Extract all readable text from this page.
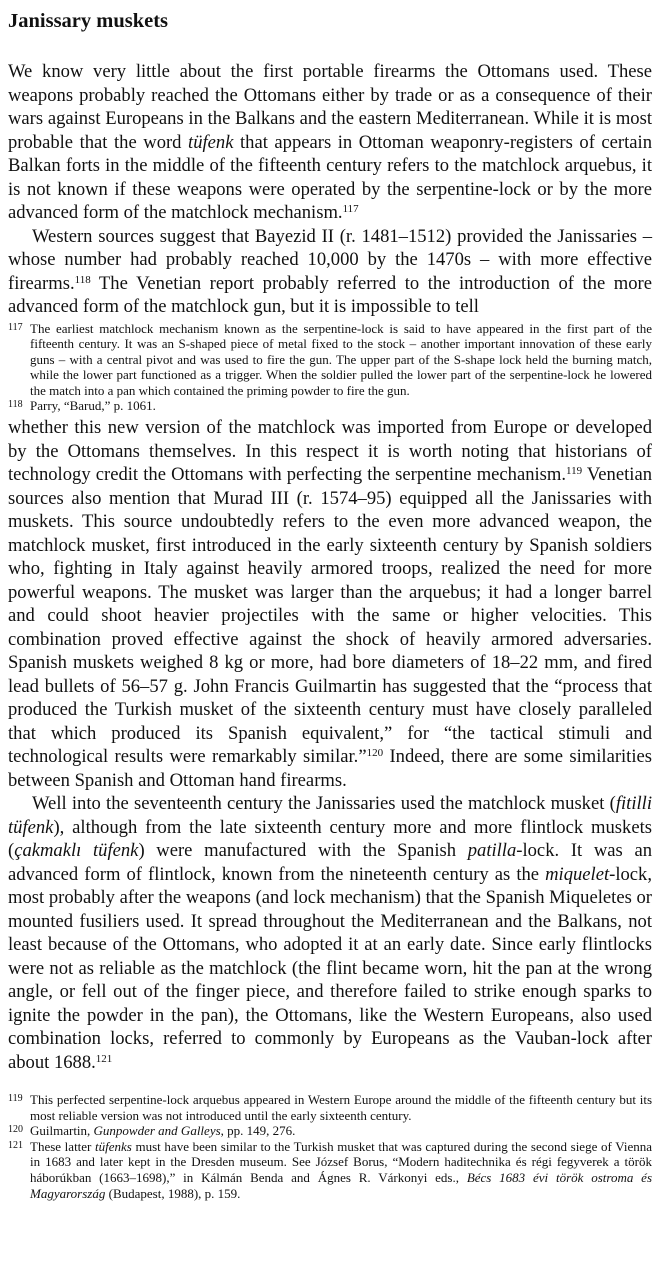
Janissary muskets

We know very little about the first portable firearms the Ottomans used. These weapons probably reached the Ottomans either by trade or as a consequence of their wars against Europeans in the Balkans and the eastern Mediterranean. While it is most probable that the word tüfenk that appears in Ottoman weaponry-registers of certain Balkan forts in the middle of the fifteenth century refers to the matchlock arquebus, it is not known if these weapons were operated by the serpentine-lock or by the more advanced form of the matchlock mechanism.$^{117}$

Western sources suggest that Bayezid II (r. 1481–1512) provided the Janissaries – whose number had probably reached 10,000 by the 1470s – with more effective firearms.$^{118}$ The Venetian report probably referred to the introduction of the more advanced form of the matchlock gun, but it is impossible to tell

117 The earliest matchlock mechanism known as the serpentine-lock is said to have appeared in the first part of the fifteenth century. It was an S-shaped piece of metal fixed to the stock – another important innovation of these early guns – with a central pivot and was used to fire the gun. The upper part of the S-shape lock held the burning match, while the lower part functioned as a trigger. When the soldier pulled the lower part of the serpentine-lock he lowered the match into a pan which contained the priming powder to fire the gun.
118 Parry, “Barud,” p. 1061.

whether this new version of the matchlock was imported from Europe or developed by the Ottomans themselves. In this respect it is worth noting that historians of technology credit the Ottomans with perfecting the serpentine mechanism.$^{119}$ Venetian sources also mention that Murad III (r. 1574–95) equipped all the Janissaries with muskets. This source undoubtedly refers to the even more advanced weapon, the matchlock musket, first introduced in the early sixteenth century by Spanish soldiers who, fighting in Italy against heavily armored troops, realized the need for more powerful weapons. The musket was larger than the arquebus; it had a longer barrel and could shoot heavier projectiles with the same or higher velocities. This combination proved effective against the shock of heavily armored adversaries. Spanish muskets weighed 8 kg or more, had bore diameters of 18–22 mm, and fired lead bullets of 56–57 g. John Francis Guilmartin has suggested that the “process that produced the Turkish musket of the sixteenth century must have closely paralleled that which produced its Spanish equivalent,” for “the tactical stimuli and technological results were remarkably similar.”$^{120}$ Indeed, there are some similarities between Spanish and Ottoman hand firearms.

Well into the seventeenth century the Janissaries used the matchlock musket (fitilli tüfenk), although from the late sixteenth century more and more flintlock muskets (çakmaklı tüfenk) were manufactured with the Spanish patilla-lock. It was an advanced form of flintlock, known from the nineteenth century as the miquelet-lock, most probably after the weapons (and lock mechanism) that the Spanish Miqueletes or mounted fusiliers used. It spread throughout the Mediterranean and the Balkans, not least because of the Ottomans, who adopted it at an early date. Since early flintlocks were not as reliable as the matchlock (the flint became worn, hit the pan at the wrong angle, or fell out of the finger piece, and therefore failed to strike enough sparks to ignite the powder in the pan), the Ottomans, like the Western Europeans, also used combination locks, referred to commonly by Europeans as the Vauban-lock after about 1688.$^{121}$

119 This perfected serpentine-lock arquebus appeared in Western Europe around the middle of the fifteenth century but its most reliable version was not introduced until the early sixteenth century.
120 Guilmartin, Gunpowder and Galleys, pp. 149, 276.
121 These latter tüfenks must have been similar to the Turkish musket that was captured during the second siege of Vienna in 1683 and later kept in the Dresden museum. See József Borus, “Modern haditechnika és régi fegyverek a török háborúkban (1663–1698),” in Kálmán Benda and Ágnes R. Várkonyi eds., Bécs 1683 évi török ostroma és Magyarország (Budapest, 1988), p. 159.
